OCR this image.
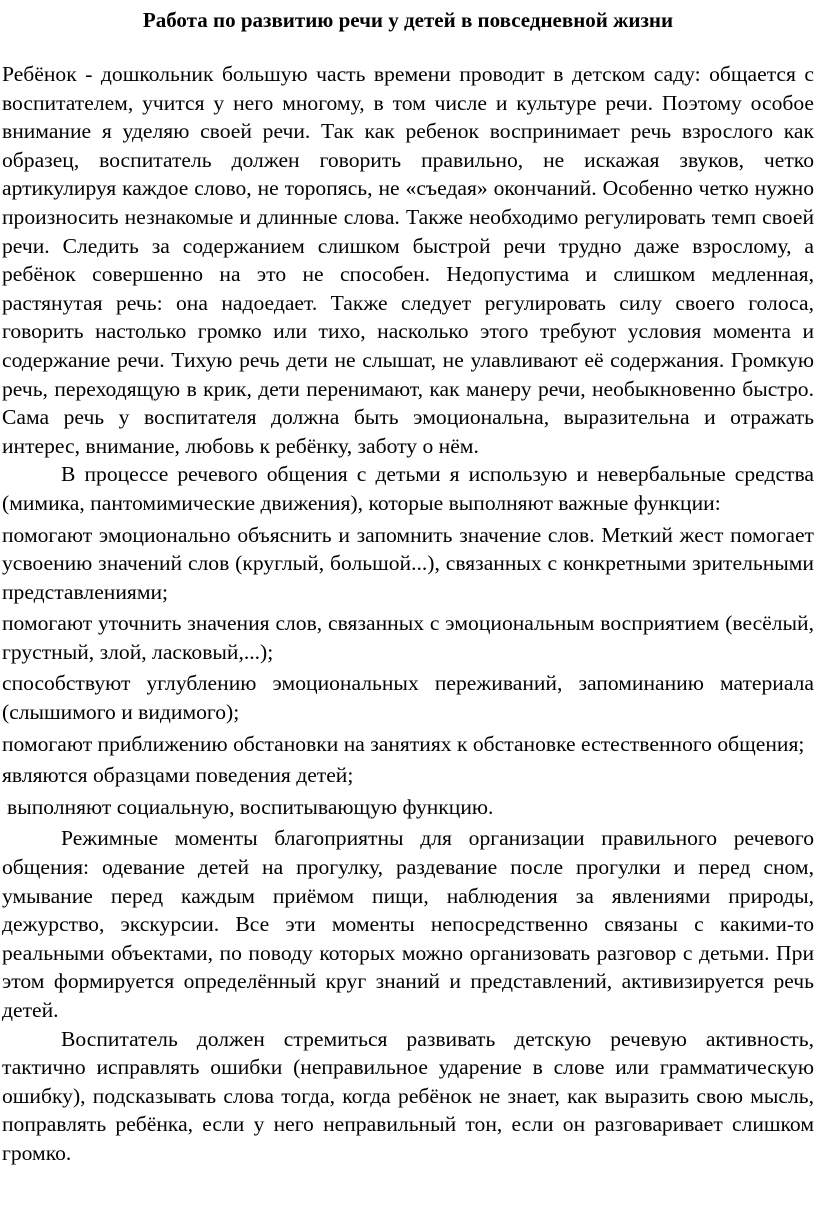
Работа по развитию речи у детей в повседневной жизни

Ребёнок - дошкольник большую часть времени проводит в детском саду: общается с воспитателем, учится у него многому, в том числе и культуре речи. Поэтому особое внимание я уделяю своей речи. Так как ребенок воспринимает речь взрослого как образец, воспитатель должен говорить правильно, не искажая звуков, четко артикулируя каждое слово, не торопясь, не «съедая» окончаний. Особенно четко нужно произносить незнакомые и длинные слова. Также необходимо регулировать темп своей речи. Следить за содержанием слишком быстрой речи трудно даже взрослому, а ребёнок совершенно на это не способен. Недопустима и слишком медленная, растянутая речь: она надоедает. Также следует регулировать силу своего голоса, говорить настолько громко или тихо, насколько этого требуют условия момента и содержание речи. Тихую речь дети не слышат, не улавливают её содержания. Громкую речь, переходящую в крик, дети перенимают, как манеру речи, необыкновенно быстро. Сама речь у воспитателя должна быть эмоциональна, выразительна и отражать интерес, внимание, любовь к ребёнку, заботу о нём.

В процессе речевого общения с детьми я использую и невербальные средства (мимика, пантомимические движения), которые выполняют важные функции:

помогают эмоционально объяснить и запомнить значение слов. Меткий жест помогает усвоению значений слов (круглый, большой...), связанных с конкретными зрительными представлениями;

помогают уточнить значения слов, связанных с эмоциональным восприятием (весёлый, грустный, злой, ласковый,...);

способствуют углублению эмоциональных переживаний, запоминанию материала (слышимого и видимого);

помогают приближению обстановки на занятиях к обстановке естественного общения;

являются образцами поведения детей;

выполняют социальную, воспитывающую функцию.

Режимные моменты благоприятны для организации правильного речевого общения: одевание детей на прогулку, раздевание после прогулки и перед сном, умывание перед каждым приёмом пищи, наблюдения за явлениями природы, дежурство, экскурсии. Все эти моменты непосредственно связаны с какими-то реальными объектами, по поводу которых можно организовать разговор с детьми. При этом формируется определённый круг знаний и представлений, активизируется речь детей.

Воспитатель должен стремиться развивать детскую речевую активность, тактично исправлять ошибки (неправильное ударение в слове или грамматическую ошибку), подсказывать слова тогда, когда ребёнок не знает, как выразить свою мысль, поправлять ребёнка, если у него неправильный тон, если он разговаривает слишком громко.
